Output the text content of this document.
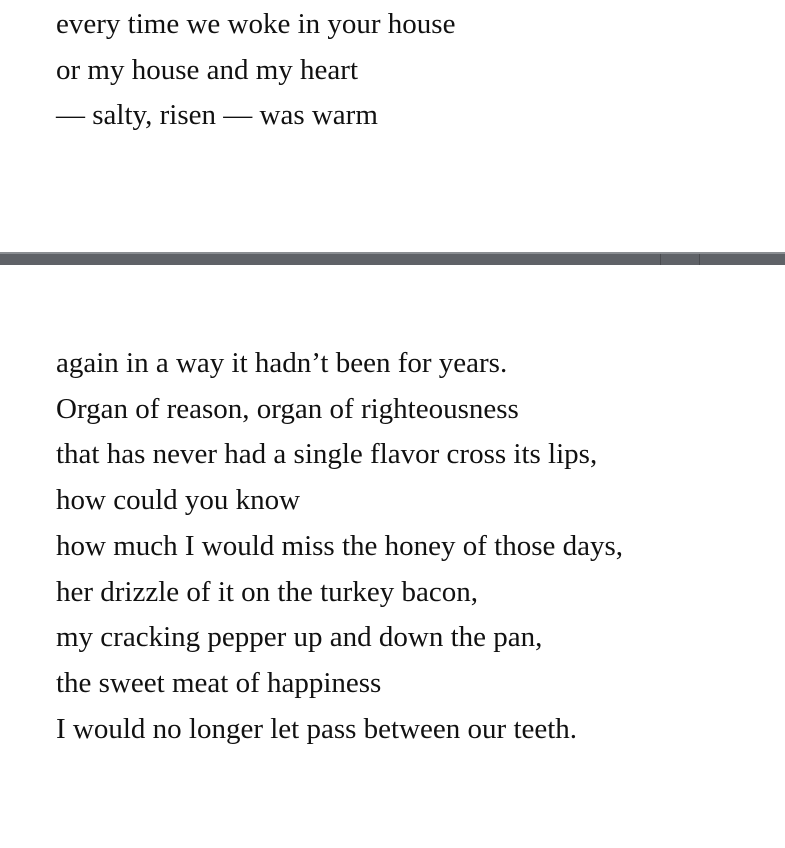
every time we woke in your house

or my house and my heart

— salty, risen — was warm

again in a way it hadn’t been for years.

Organ of reason, organ of righteousness

that has never had a single flavor cross its lips,

how could you know

how much I would miss the honey of those days,

her drizzle of it on the turkey bacon,

my cracking pepper up and down the pan,

the sweet meat of happiness

I would no longer let pass between our teeth.
